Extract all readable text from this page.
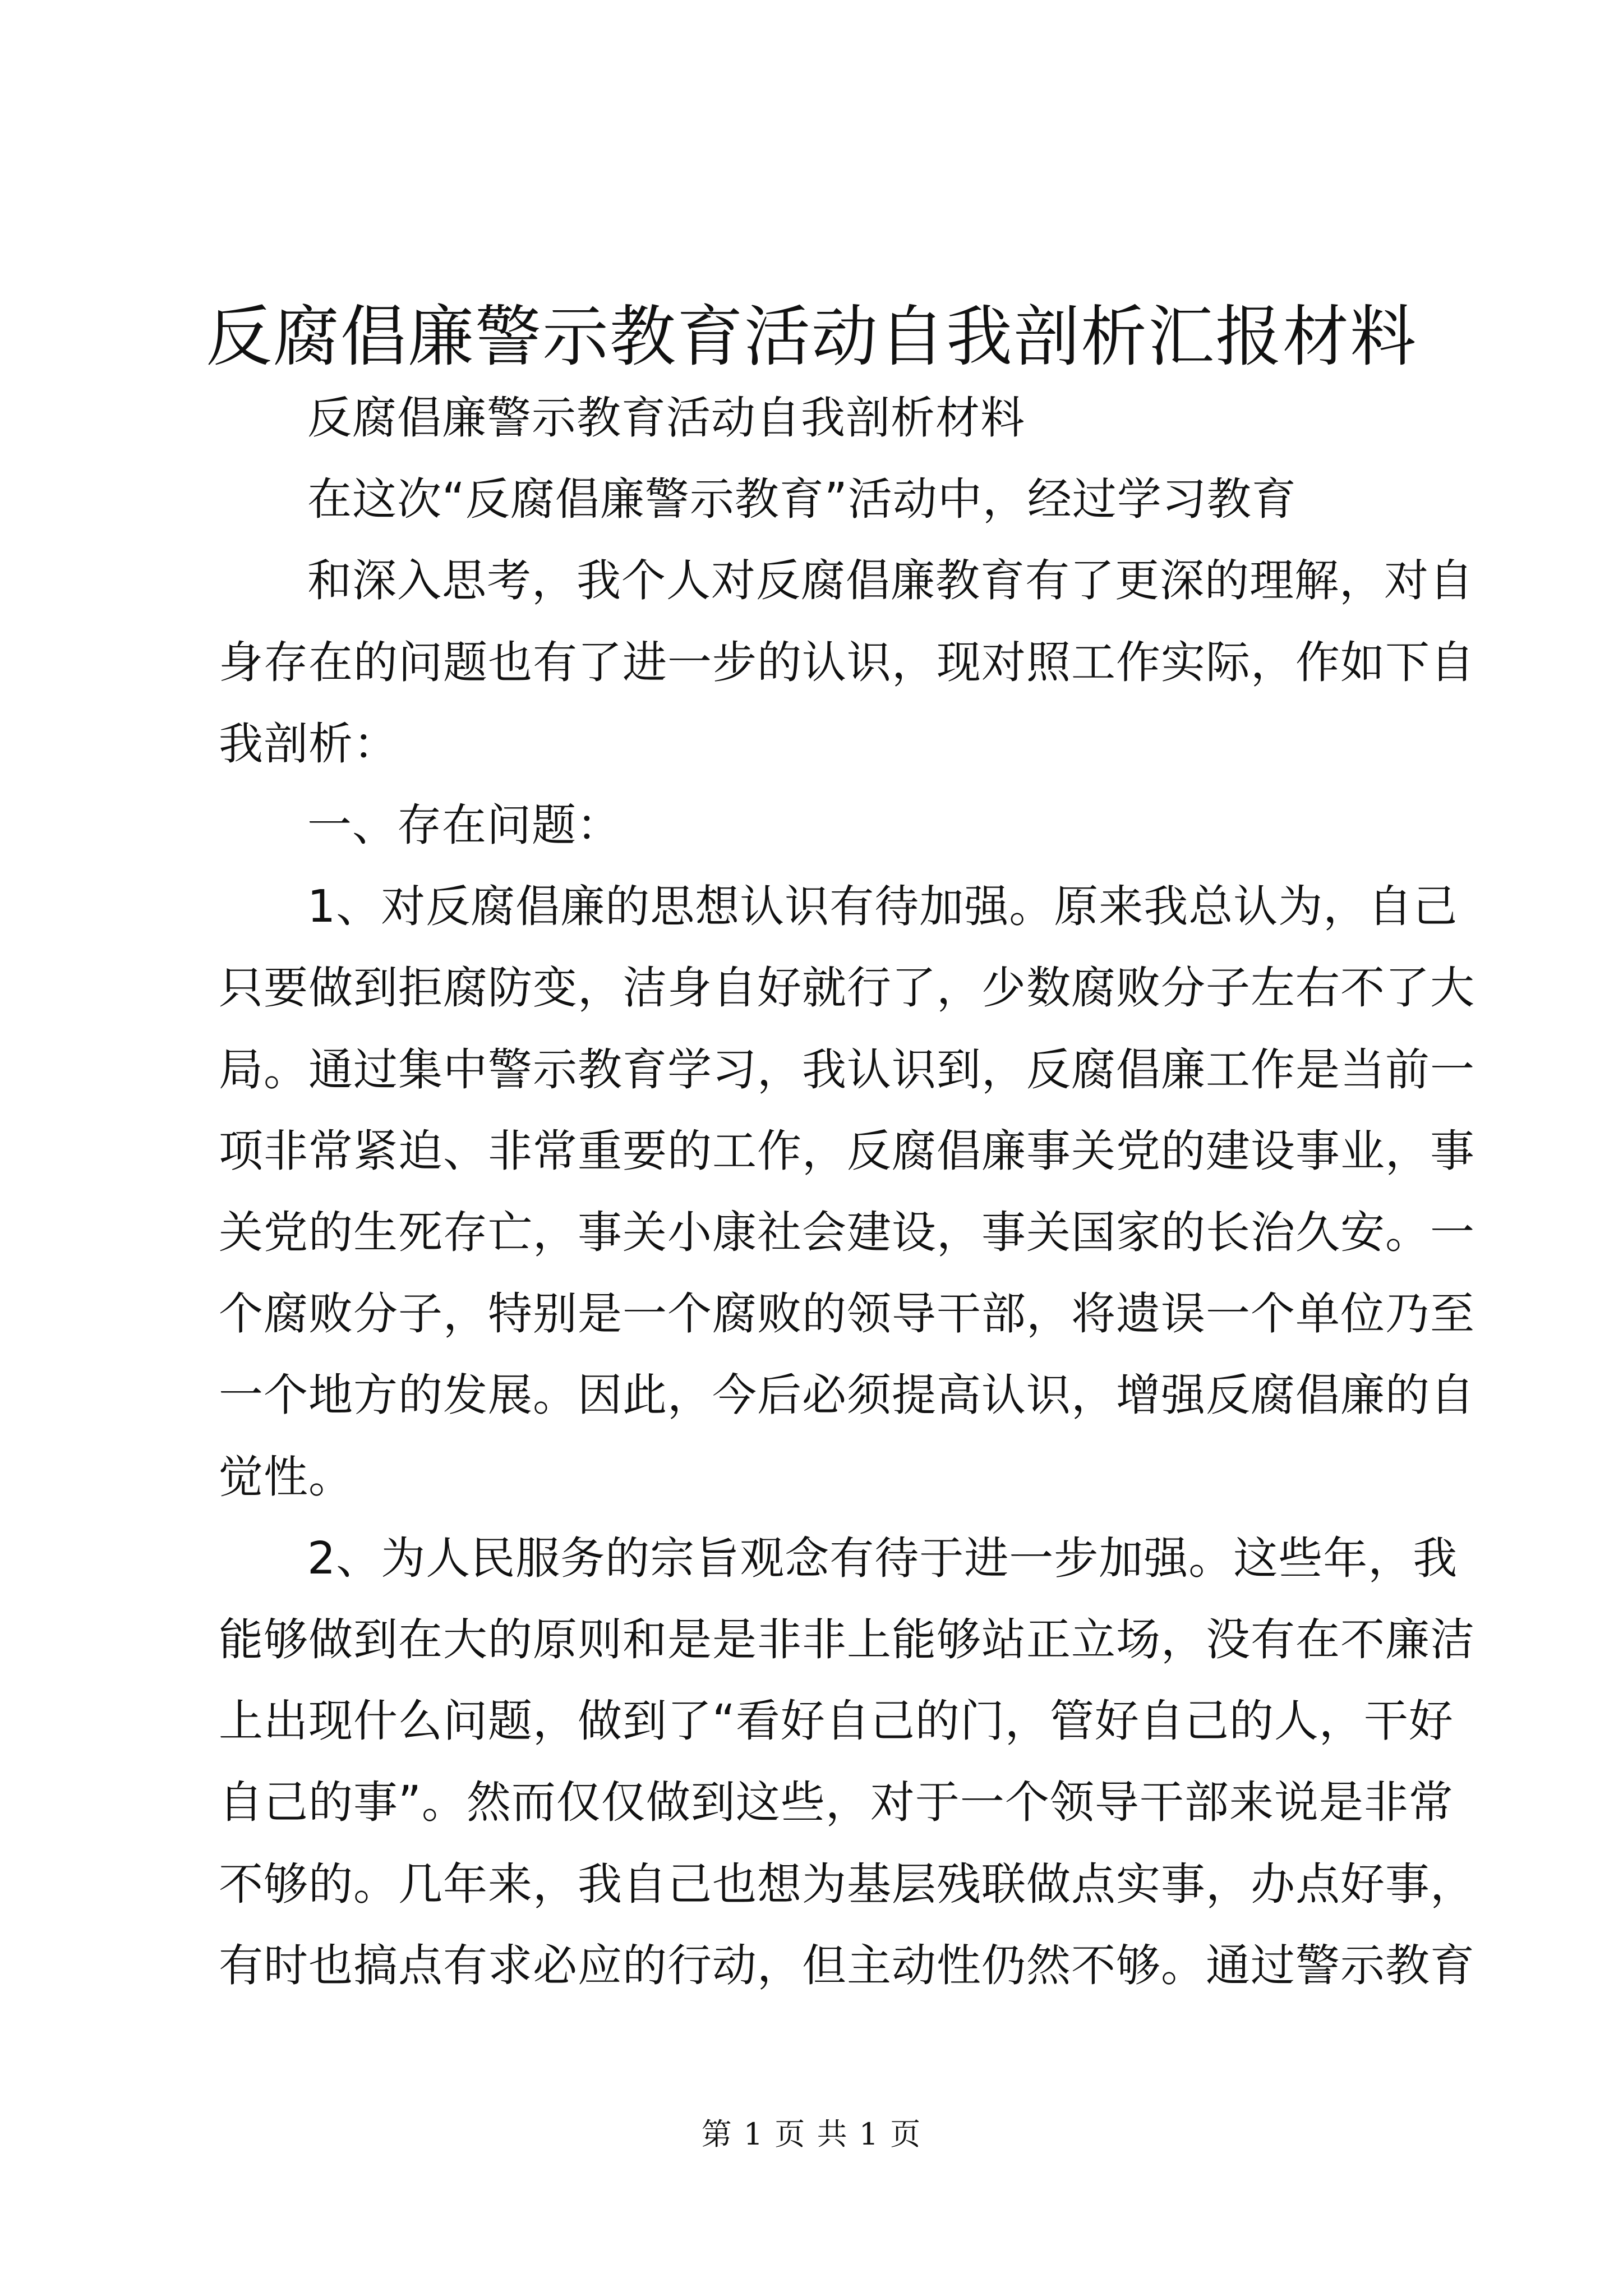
反腐倡廉警示教育活动自我剖析汇报材料

反腐倡廉警示教育活动自我剖析材料

在这次“反腐倡廉警示教育”活动中，经过学习教育

和深入思考，我个人对反腐倡廉教育有了更深的理解，对自

身存在的问题也有了进一步的认识，现对照工作实际，作如下自

我剖析：

一、存在问题：

1、对反腐倡廉的思想认识有待加强。原来我总认为，自己

只要做到拒腐防变，洁身自好就行了，少数腐败分子左右不了大

局。通过集中警示教育学习，我认识到，反腐倡廉工作是当前一

项非常紧迫、非常重要的工作，反腐倡廉事关党的建设事业，事

关党的生死存亡，事关小康社会建设，事关国家的长治久安。一

个腐败分子，特别是一个腐败的领导干部，将遗误一个单位乃至

一个地方的发展。因此，今后必须提高认识，增强反腐倡廉的自

觉性。

2、为人民服务的宗旨观念有待于进一步加强。这些年，我

能够做到在大的原则和是是非非上能够站正立场，没有在不廉洁

上出现什么问题，做到了“看好自己的门，管好自己的人，干好

自己的事”。然而仅仅做到这些，对于一个领导干部来说是非常

不够的。几年来，我自己也想为基层残联做点实事，办点好事，

有时也搞点有求必应的行动，但主动性仍然不够。通过警示教育

第 1 页 共 1 页
